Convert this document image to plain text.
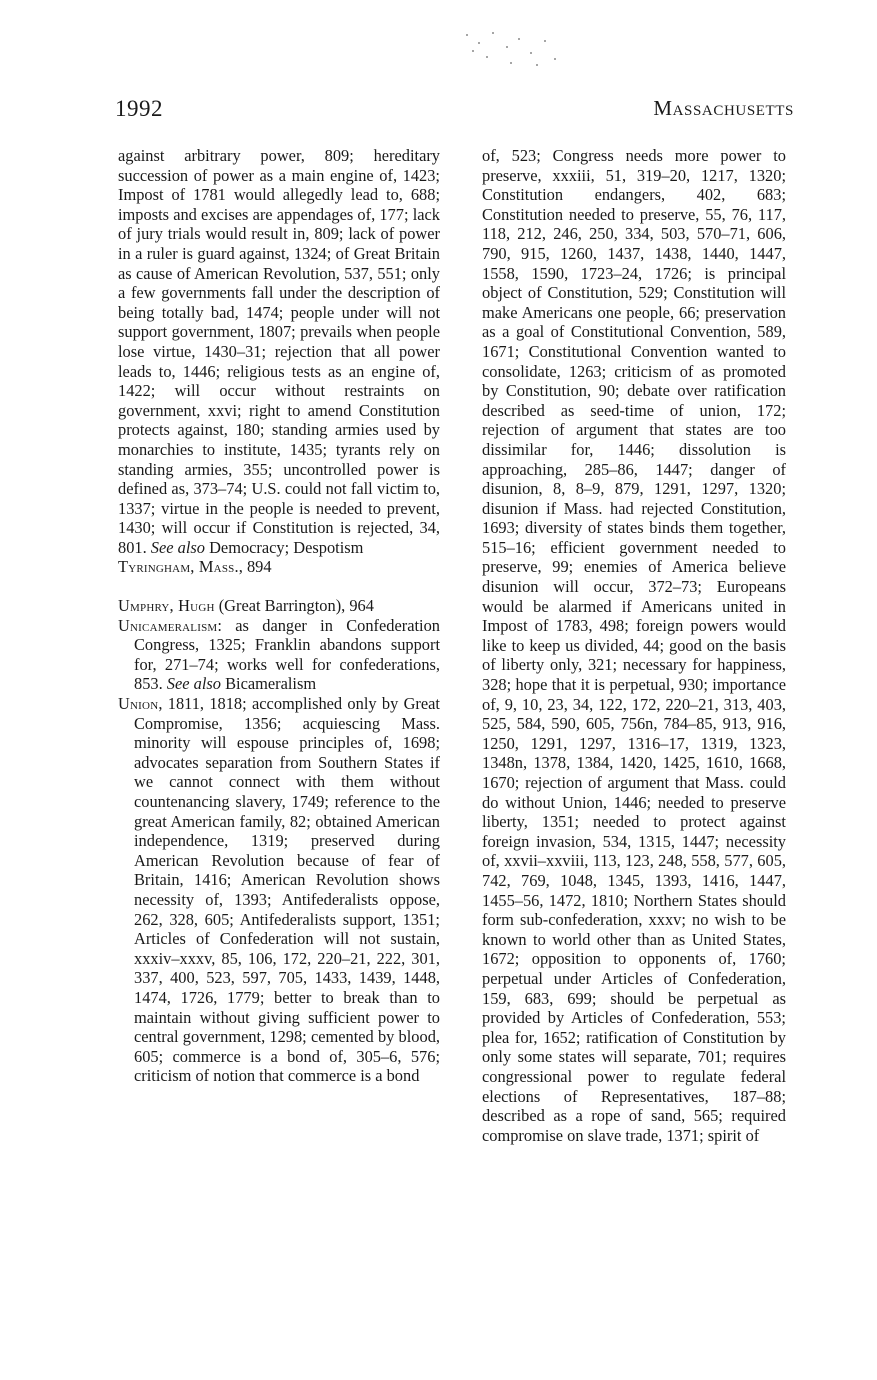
1992	Massachusetts

against arbitrary power, 809; hereditary succession of power as a main engine of, 1423; Impost of 1781 would allegedly lead to, 688; imposts and excises are appendages of, 177; lack of jury trials would result in, 809; lack of power in a ruler is guard against, 1324; of Great Britain as cause of American Revolution, 537, 551; only a few governments fall under the description of being totally bad, 1474; people under will not support government, 1807; prevails when people lose virtue, 1430–31; rejection that all power leads to, 1446; religious tests as an engine of, 1422; will occur without restraints on government, xxvi; right to amend Constitution protects against, 180; standing armies used by monarchies to institute, 1435; tyrants rely on standing armies, 355; uncontrolled power is defined as, 373–74; U.S. could not fall victim to, 1337; virtue in the people is needed to prevent, 1430; will occur if Constitution is rejected, 34, 801. See also Democracy; Despotism

Tyringham, Mass., 894

Umphry, Hugh (Great Barrington), 964

Unicameralism: as danger in Confederation Congress, 1325; Franklin abandons support for, 271–74; works well for confederations, 853. See also Bicameralism

Union, 1811, 1818; accomplished only by Great Compromise, 1356; acquiescing Mass. minority will espouse principles of, 1698; advocates separation from Southern States if we cannot connect with them without countenancing slavery, 1749; reference to the great American family, 82; obtained American independence, 1319; preserved during American Revolution because of fear of Britain, 1416; American Revolution shows necessity of, 1393; Antifederalists oppose, 262, 328, 605; Antifederalists support, 1351; Articles of Confederation will not sustain, xxxiv–xxxv, 85, 106, 172, 220–21, 222, 301, 337, 400, 523, 597, 705, 1433, 1439, 1448, 1474, 1726, 1779; better to break than to maintain without giving sufficient power to central government, 1298; cemented by blood, 605; commerce is a bond of, 305–6, 576; criticism of notion that commerce is a bond

of, 523; Congress needs more power to preserve, xxxiii, 51, 319–20, 1217, 1320; Constitution endangers, 402, 683; Constitution needed to preserve, 55, 76, 117, 118, 212, 246, 250, 334, 503, 570–71, 606, 790, 915, 1260, 1437, 1438, 1440, 1447, 1558, 1590, 1723–24, 1726; is principal object of Constitution, 529; Constitution will make Americans one people, 66; preservation as a goal of Constitutional Convention, 589, 1671; Constitutional Convention wanted to consolidate, 1263; criticism of as promoted by Constitution, 90; debate over ratification described as seed-time of union, 172; rejection of argument that states are too dissimilar for, 1446; dissolution is approaching, 285–86, 1447; danger of disunion, 8, 8–9, 879, 1291, 1297, 1320; disunion if Mass. had rejected Constitution, 1693; diversity of states binds them together, 515–16; efficient government needed to preserve, 99; enemies of America believe disunion will occur, 372–73; Europeans would be alarmed if Americans united in Impost of 1783, 498; foreign powers would like to keep us divided, 44; good on the basis of liberty only, 321; necessary for happiness, 328; hope that it is perpetual, 930; importance of, 9, 10, 23, 34, 122, 172, 220–21, 313, 403, 525, 584, 590, 605, 756n, 784–85, 913, 916, 1250, 1291, 1297, 1316–17, 1319, 1323, 1348n, 1378, 1384, 1420, 1425, 1610, 1668, 1670; rejection of argument that Mass. could do without Union, 1446; needed to preserve liberty, 1351; needed to protect against foreign invasion, 534, 1315, 1447; necessity of, xxvii–xxviii, 113, 123, 248, 558, 577, 605, 742, 769, 1048, 1345, 1393, 1416, 1447, 1455–56, 1472, 1810; Northern States should form sub-confederation, xxxv; no wish to be known to world other than as United States, 1672; opposition to opponents of, 1760; perpetual under Articles of Confederation, 159, 683, 699; should be perpetual as provided by Articles of Confederation, 553; plea for, 1652; ratification of Constitution by only some states will separate, 701; requires congressional power to regulate federal elections of Representatives, 187–88; described as a rope of sand, 565; required compromise on slave trade, 1371; spirit of
